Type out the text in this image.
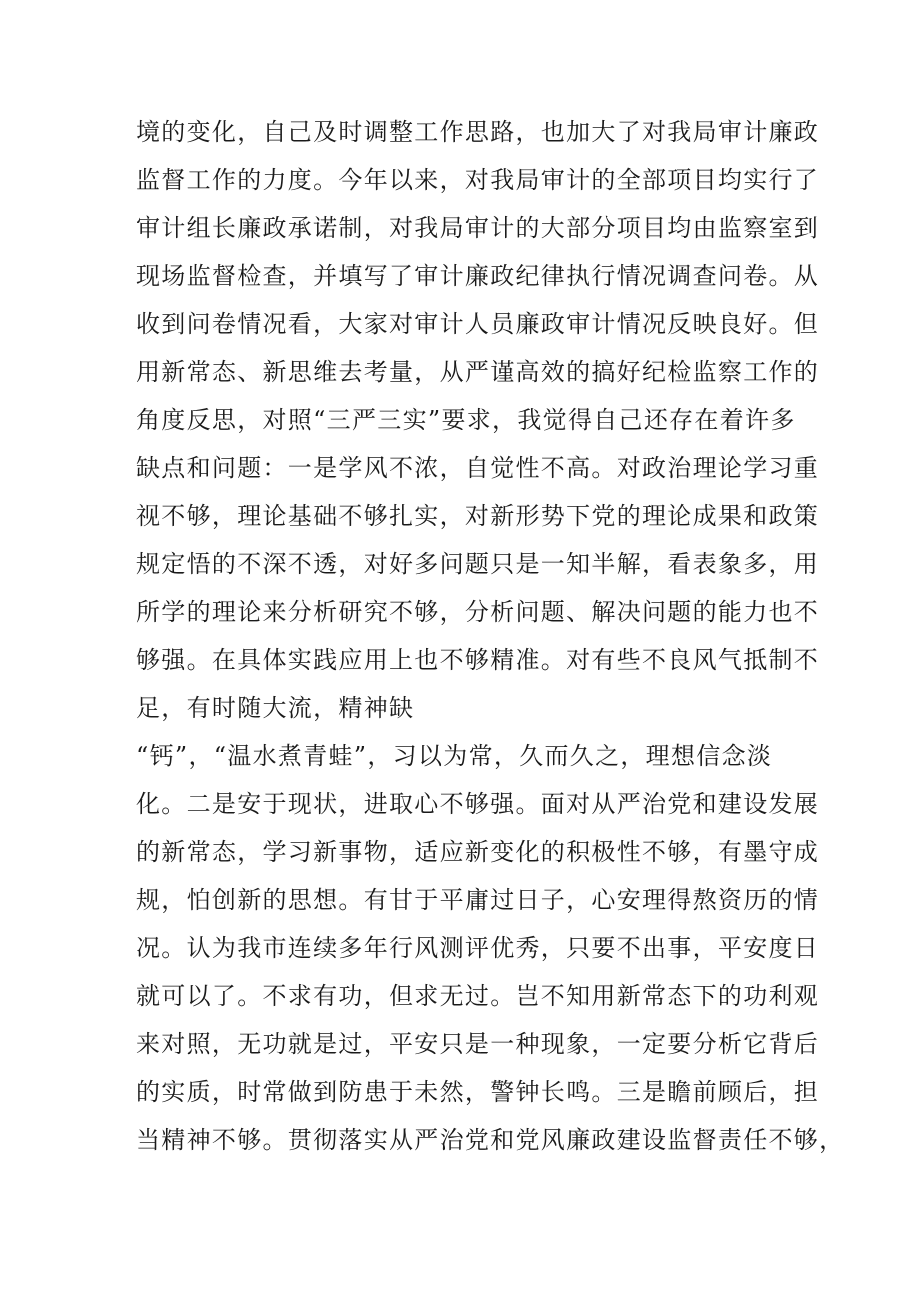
境的变化，自己及时调整工作思路，也加大了对我局审计廉政
监督工作的力度。今年以来，对我局审计的全部项目均实行了
审计组长廉政承诺制，对我局审计的大部分项目均由监察室到
现场监督检查，并填写了审计廉政纪律执行情况调查问卷。从
收到问卷情况看，大家对审计人员廉政审计情况反映良好。但
用新常态、新思维去考量，从严谨高效的搞好纪检监察工作的
角度反思，对照“三严三实”要求，我觉得自己还存在着许多
缺点和问题：一是学风不浓，自觉性不高。对政治理论学习重
视不够，理论基础不够扎实，对新形势下党的理论成果和政策
规定悟的不深不透，对好多问题只是一知半解，看表象多，用
所学的理论来分析研究不够，分析问题、解决问题的能力也不
够强。在具体实践应用上也不够精准。对有些不良风气抵制不
足，有时随大流，精神缺
“钙”，“温水煮青蛙”，习以为常，久而久之，理想信念淡
化。二是安于现状，进取心不够强。面对从严治党和建设发展
的新常态，学习新事物，适应新变化的积极性不够，有墨守成
规，怕创新的思想。有甘于平庸过日子，心安理得熬资历的情
况。认为我市连续多年行风测评优秀，只要不出事，平安度日
就可以了。不求有功，但求无过。岂不知用新常态下的功利观
来对照，无功就是过，平安只是一种现象，一定要分析它背后
的实质，时常做到防患于未然，警钟长鸣。三是瞻前顾后，担
当精神不够。贯彻落实从严治党和党风廉政建设监督责任不够，
